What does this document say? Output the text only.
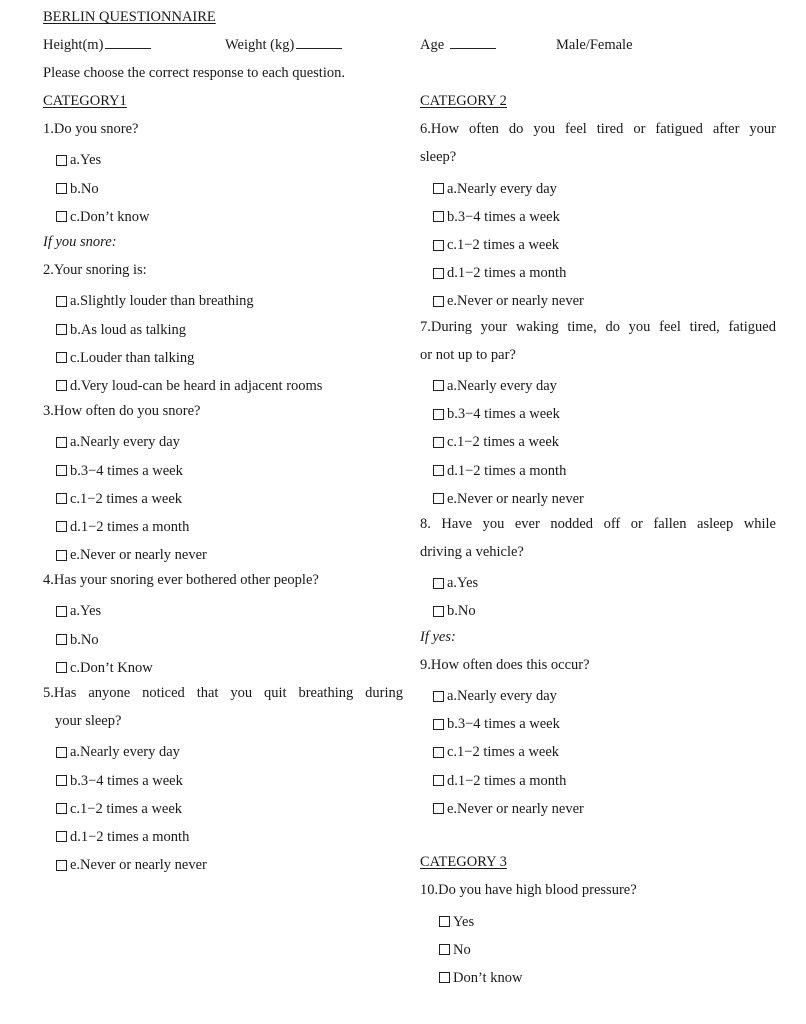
BERLIN QUESTIONNAIRE
Height(m)	Weight (kg)	Age	Male/Female
Please choose the correct response to each question.
CATEGORY1
1.Do you snore?
a.Yes
b.No
c.Don’t know
If you snore:
2.Your snoring is:
a.Slightly louder than breathing
b.As loud as talking
c.Louder than talking
d.Very loud-can be heard in adjacent rooms
3.How often do you snore?
a.Nearly every day
b.3−4 times a week
c.1−2 times a week
d.1−2 times a month
e.Never or nearly never
4.Has your snoring ever bothered other people?
a.Yes
b.No
c.Don’t Know
5.Has anyone noticed that you quit breathing during
your sleep?
a.Nearly every day
b.3−4 times a week
c.1−2 times a week
d.1−2 times a month
e.Never or nearly never
CATEGORY 2
6.How often do you feel tired or fatigued after your
sleep?
a.Nearly every day
b.3−4 times a week
c.1−2 times a week
d.1−2 times a month
e.Never or nearly never
7.During your waking time, do you feel tired, fatigued
or not up to par?
a.Nearly every day
b.3−4 times a week
c.1−2 times a week
d.1−2 times a month
e.Never or nearly never
8. Have you ever nodded off or fallen asleep while
driving a vehicle?
a.Yes
b.No
If yes:
9.How often does this occur?
a.Nearly every day
b.3−4 times a week
c.1−2 times a week
d.1−2 times a month
e.Never or nearly never
CATEGORY 3
10.Do you have high blood pressure?
Yes
No
Don’t know
